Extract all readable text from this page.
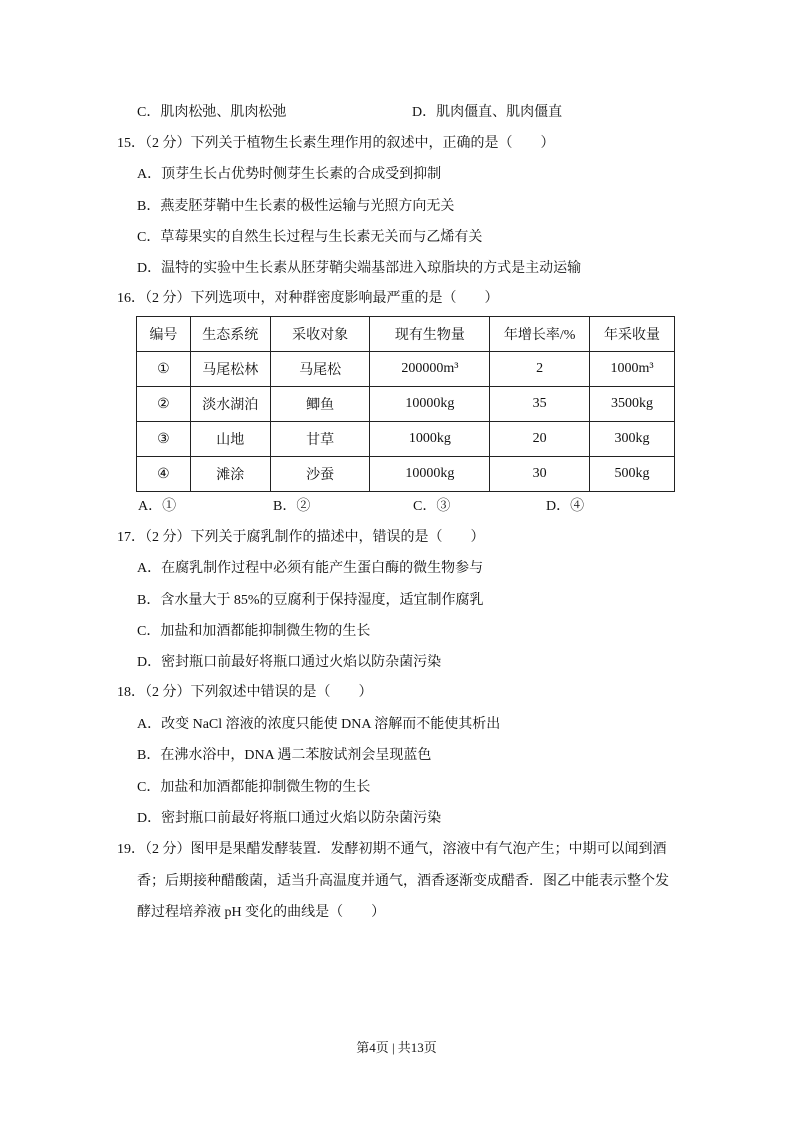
C．肌肉松弛、肌肉松弛	D．肌肉僵直、肌肉僵直
15．（2 分）下列关于植物生长素生理作用的叙述中，正确的是（　　）
A．顶芽生长占优势时侧芽生长素的合成受到抑制
B．燕麦胚芽鞘中生长素的极性运输与光照方向无关
C．草莓果实的自然生长过程与生长素无关而与乙烯有关
D．温特的实验中生长素从胚芽鞘尖端基部进入琼脂块的方式是主动运输
16．（2 分）下列选项中，对种群密度影响最严重的是（　　）
编号	生态系统	采收对象	现有生物量	年增长率/%	年采收量
①	马尾松林	马尾松	200000m³	2	1000m³
②	淡水湖泊	鲫鱼	10000kg	35	3500kg
③	山地	甘草	1000kg	20	300kg
④	滩涂	沙蚕	10000kg	30	500kg
A．①	B．②	C．③	D．④
17．（2 分）下列关于腐乳制作的描述中，错误的是（　　）
A．在腐乳制作过程中必须有能产生蛋白酶的微生物参与
B．含水量大于 85%的豆腐利于保持湿度，适宜制作腐乳
C．加盐和加酒都能抑制微生物的生长
D．密封瓶口前最好将瓶口通过火焰以防杂菌污染
18．（2 分）下列叙述中错误的是（　　）
A．改变 NaCl 溶液的浓度只能使 DNA 溶解而不能使其析出
B．在沸水浴中，DNA 遇二苯胺试剂会呈现蓝色
C．加盐和加酒都能抑制微生物的生长
D．密封瓶口前最好将瓶口通过火焰以防杂菌污染
19．（2 分）图甲是果醋发酵装置．发酵初期不通气，溶液中有气泡产生；中期可以闻到酒
香；后期接种醋酸菌，适当升高温度并通气，酒香逐渐变成醋香．图乙中能表示整个发
酵过程培养液 pH 变化的曲线是（　　）
第4页 | 共13页
